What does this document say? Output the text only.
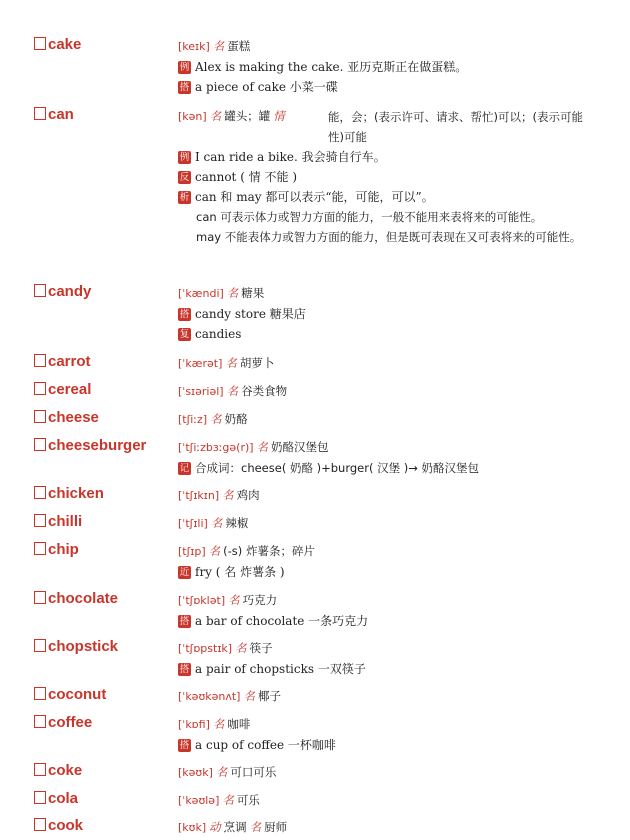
cake	[keɪk] 名 蛋糕
例 Alex is making the cake. 亚历克斯正在做蛋糕。
搭 a piece of cake 小菜一碟
can	[kən] 名 罐头；罐 情	能，会；(表示许可、请求、帮忙)可以；(表示可能性)可能
例 I can ride a bike. 我会骑自行车。
反 cannot ( 情 不能 )
析 can 和 may 都可以表示“能，可能，可以”。
can 可表示体力或智力方面的能力，一般不能用来表将来的可能性。
may 不能表体力或智力方面的能力，但是既可表现在又可表将来的可能性。
candy	[ˈkændi] 名 糖果
搭 candy store 糖果店
复 candies
carrot	[ˈkærət] 名 胡萝卜
cereal	[ˈsɪəriəl] 名 谷类食物
cheese	[tʃiːz] 名 奶酪
cheeseburger	[ˈtʃiːzbɜːgə(r)] 名 奶酪汉堡包
记 合成词：cheese( 奶酪 )+burger( 汉堡 )→ 奶酪汉堡包
chicken	[ˈtʃɪkɪn] 名 鸡肉
chilli	[ˈtʃɪli] 名 辣椒
chip	[tʃɪp] 名 (-s) 炸薯条；碎片
近 fry ( 名 炸薯条 )
chocolate	[ˈtʃɒklət] 名 巧克力
搭 a bar of chocolate 一条巧克力
chopstick	[ˈtʃɒpstɪk] 名 筷子
搭 a pair of chopsticks 一双筷子
coconut	[ˈkəʊkənʌt] 名 椰子
coffee	[ˈkɒfi] 名 咖啡
搭 a cup of coffee 一杯咖啡
coke	[kəʊk] 名 可口可乐
cola	[ˈkəʊlə] 名 可乐
cook	[kʊk] 动 烹调 名 厨师
